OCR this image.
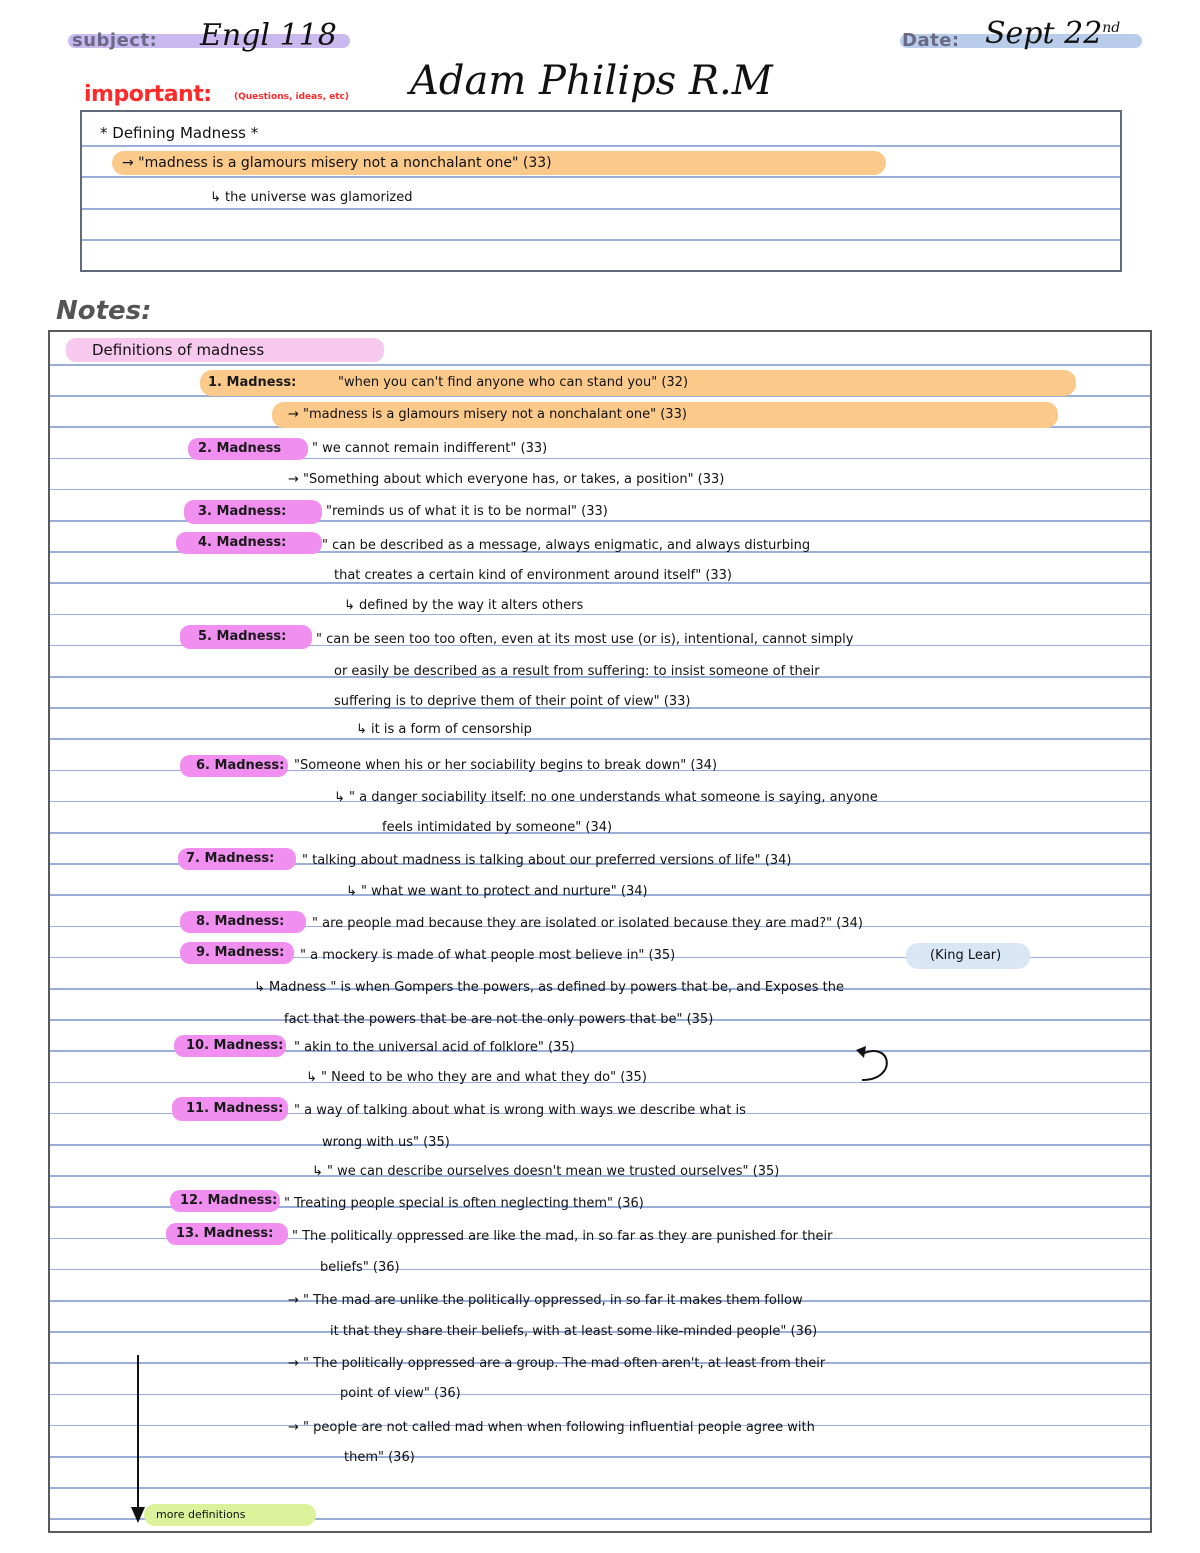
subject: Engl 118	Date: Sept 22nd
important: (Questions, ideas, etc) Adam Philips R.M
* Defining Madness *
→ "madness is a glamours misery not a nonchalant one" (33)
↳ the universe was glamorized
Notes:
Definitions of madness
1. Madness:	"when you can't find anyone who can stand you" (32)
→ "madness is a glamours misery not a nonchalant one" (33)
2. Madness " we cannot remain indifferent" (33)
→ "Something about which everyone has, or takes, a position" (33)
3. Madness:	"reminds us of what it is to be normal" (33)
4. Madness:	" can be described as a message, always enigmatic, and always disturbing
that creates a certain kind of environment around itself" (33)
↳ defined by the way it alters others
5. Madness: " can be seen too too often, even at its most use (or is), intentional, cannot simply
or easily be described as a result from suffering: to insist someone of their
suffering is to deprive them of their point of view" (33)
↳ it is a form of censorship
6. Madness: "Someone when his or her sociability begins to break down" (34)
↳ " a danger sociability itself: no one understands what someone is saying, anyone
feels intimidated by someone" (34)
7. Madness: " talking about madness is talking about our preferred versions of life" (34)
↳ " what we want to protect and nurture" (34)
8. Madness: " are people mad because they are isolated or isolated because they are mad?" (34)
9. Madness: " a mockery is made of what people most believe in" (35)	(King Lear)
↳ Madness " is when Gompers the powers, as defined by powers that be, and Exposes the
fact that the powers that be are not the only powers that be" (35)
10. Madness: " akin to the universal acid of folklore" (35)
↳ " Need to be who they are and what they do" (35)
11. Madness: " a way of talking about what is wrong with ways we describe what is
wrong with us" (35)
↳ " we can describe ourselves doesn't mean we trusted ourselves" (35)
12. Madness: " Treating people special is often neglecting them" (36)
13. Madness: " The politically oppressed are like the mad, in so far as they are punished for their
beliefs" (36)
→ " The mad are unlike the politically oppressed, in so far it makes them follow
it that they share their beliefs, with at least some like-minded people" (36)
→ " The politically oppressed are a group. The mad often aren't, at least from their
point of view" (36)
→ " people are not called mad when when following influential people agree with
them" (36)
more definitions
